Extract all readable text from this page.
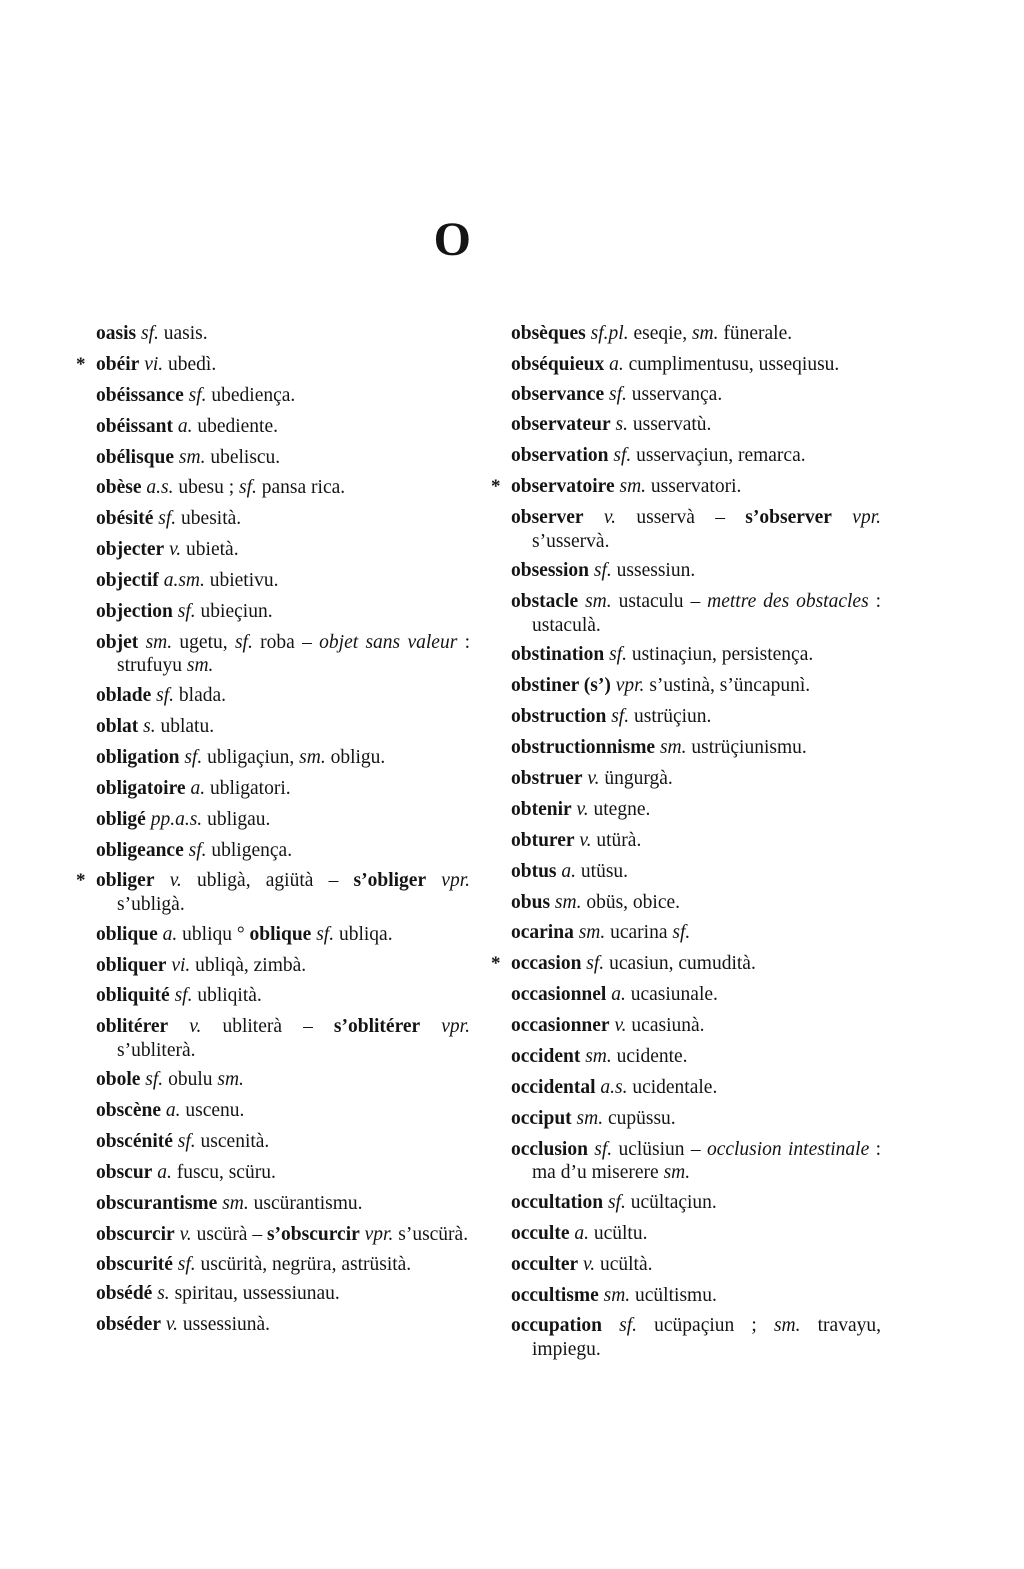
O
oasis sf. uasis.
* obéir vi. ubedì.
obéissance sf. ubediença.
obéissant a. ubediente.
obélisque sm. ubeliscu.
obèse a.s. ubesu ; sf. pansa rica.
obésité sf. ubesità.
objecter v. ubietà.
objectif a.sm. ubietivu.
objection sf. ubieçiun.
objet sm. ugetu, sf. roba – objet sans valeur : strufuyu sm.
oblade sf. blada.
oblat s. ublatu.
obligation sf. ubligaçiun, sm. obligu.
obligatoire a. ubligatori.
obligé pp.a.s. ubligau.
obligeance sf. ubligença.
* obliger v. ubligà, agiütà – s’obliger vpr. s’ubligà.
oblique a. ubliqu ° oblique sf. ubliqa.
obliquer vi. ubliqà, zimbà.
obliquité sf. ubliqità.
oblitérer v. ubliterà – s’oblitérer vpr. s’ubliterà.
obole sf. obulu sm.
obscène a. uscenu.
obscénité sf. uscenità.
obscur a. fuscu, scüru.
obscurantisme sm. uscürantismu.
obscurcir v. uscürà – s’obscurcir vpr. s’uscürà.
obscurité sf. uscürità, negrüra, astrüsità.
obsédé s. spiritau, ussessiunau.
obséder v. ussessiunà.
obsèques sf.pl. eseqie, sm. fünerale.
obséquieux a. cumplimentusu, usseqiusu.
observance sf. usservança.
observateur s. usservatù.
observation sf. usservaçiun, remarca.
* observatoire sm. usservatori.
observer v. usservà – s’observer vpr. s’usservà.
obsession sf. ussessiun.
obstacle sm. ustaculu – mettre des obstacles : ustaculà.
obstination sf. ustinaçiun, persistença.
obstiner (s’) vpr. s’ustinà, s’üncapunì.
obstruction sf. ustrüçiun.
obstructionnisme sm. ustrüçiunismu.
obstruer v. üngurgà.
obtenir v. utegne.
obturer v. utürà.
obtus a. utüsu.
obus sm. obüs, obice.
ocarina sm. ucarina sf.
* occasion sf. ucasiun, cumudità.
occasionnel a. ucasiunale.
occasionner v. ucasiunà.
occident sm. ucidente.
occidental a.s. ucidentale.
occiput sm. cupüssu.
occlusion sf. uclüsiun – occlusion intestinale : ma d’u miserere sm.
occultation sf. ucültaçiun.
occulte a. ucültu.
occulter v. ucültà.
occultisme sm. ucültismu.
occupation sf. ucüpaçiun ; sm. travayu, impiegu.
